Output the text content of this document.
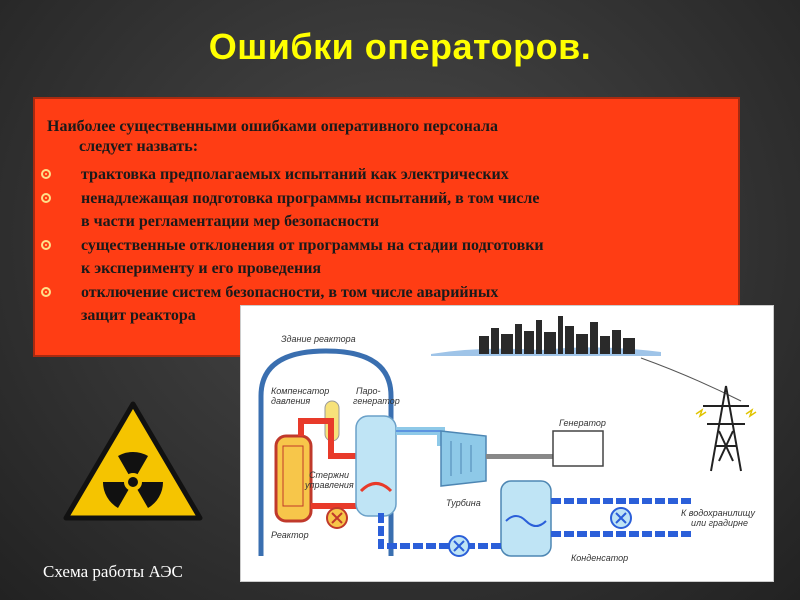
Ошибки операторов.
Наиболее существенными ошибками оперативного персонала
следует назвать:
трактовка предполагаемых испытаний как электрических
ненадлежащая подготовка программы испытаний, в том числе
в части регламентации мер безопасности
существенные отклонения от программы на стадии подготовки
к эксперименту и его проведения
отключение систем безопасности, в том числе аварийных
защит реактора
Здание реактора
Турбина
Генератор
Конденсатор
Компенсатор
давления
Паро-
генератор
Стержни
управления
Реактор
К водохранилищу
или градирне
Схема работы АЭС
